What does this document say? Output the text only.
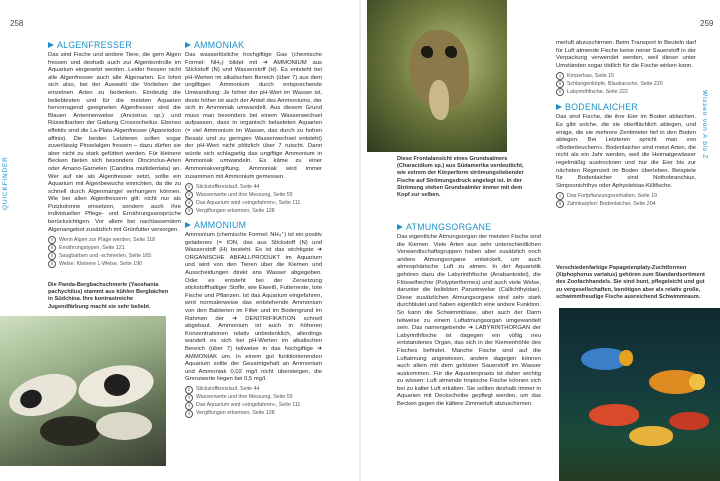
258	259
QUICKFINDER
Wissen von A bis Z
ALGENFRESSER

Das sind Fische und andere Tiere, die gern Algen fressen und deshalb auch zur Algenkontrolle im Aquarium eingesetzt werden. Leider fressen nicht alle Algenfresser auch alle Algenarten. Es lohnt sich also, bei der Auswahl die Vorlieben der einzelnen Arten zu bedenken. Eindeutig die beliebtesten und für die meisten Aquarien hervorragend geeigneten Algenfresser sind die Blauen Antennenwelse (Ancistrus sp.) und Rüsselbarben der Gattung Crossocheilus. Ebenso effektiv sind die La-Plata-Algenfresser (Apareiodon affinis). Die beiden Letzteren sollen sogar zuverlässig Pinselalgen fressen – dazu dürfen sie aber nicht zu stark gefüttert werden. Für kleinere Becken bieten sich besonders Otocinclus-Arten oder Amano-Garnelen (Caridina multidentata) an. Wer auf sie als Algenfresser setzt, sollte ein Aquarium mit Algenbewuchs einrichten, da die zu schnell durch Algenmangel verhungern können. Wie bei allen Algenfressern gilt: nicht nur als Putzkolonne einsetzen, sondern auch ihre individuellen Pflege- und Ernährungsansprüche berücksichtigen. Vor allem bei nachlassendem Algenangebot zusätzlich mit Grünfutter versorgen.

4	Wenn Algen zur Plage werden, Seite 118
5	Ernährungstypen, Seite 121
6	Saugbarben und -schmerlen, Seite 165
6	Welse: Kleinere L-Welse, Seite 190
Die Panda-Bergbachschmerle (Yaoshania pachychilus) stammt aus kühlen Bergbächen in Südchina. Ihre kontrastreiche Jugendfärbung macht sie sehr beliebt.
AMMONIAK

Das wasserlösliche hochgiftige Gas (chemische Formel: NH₃) bildet mit ➜ AMMONIUM aus Stickstoff (N) und Wasserstoff (H). Es entsteht bei pH-Werten im alkalischen Bereich (über 7) aus dem ungiftigen Ammonium durch entsprechende Umwandlung: Je höher der pH-Wert im Wasser ist, desto höher ist auch der Anteil des Ammoniums, der sich in Ammoniak umwandelt. Aus diesem Grund muss man besonders bei einem Wasserwechsel aufpassen, dass in organisch belasteten Aquarien (= viel Ammonium im Wasser, das durch zu hohen Besatz und zu geringen Wasserwechsel entsteht) der pH-Wert nicht plötzlich über 7 rutscht. Dann würde sich schlagartig das ungiftige Ammonium in Ammoniak umwandeln. Es käme zu einer Ammoniakvergiftung. Ammoniak wird immer zusammen mit Ammonium gemessen.

2	Stickstoffkreislauf, Seite 44
3	Wasserwerte und ihre Messung, Seite 55
4	Das Aquarium wird »eingefahren«, Seite 111
4	Vergiftungen erkennen, Seite 128
AMMONIUM

Ammonium (chemische Formel: NH₄⁺) ist ein positiv geladenes (= ION, das aus Stickstoff (N) und Wasserstoff (H) besteht. Es ist das wichtigste ➜ ORGANISCHE ABFALLPRODUKT im Aquarium und wird von den Tieren über die Kiemen und Ausscheidungen direkt ans Wasser abgegeben. Oder es entsteht bei der Zersetzung stickstoffhaltiger Stoffe, wie Eiweiß, Futterreste, tote Fische und Pflanzen. Ist das Aquarium eingefahren, wird normalerweise das entstehende Ammonium von den Bakterien im Filter und im Bodengrund im Rahmen der ➜ DENITRIFIKATION schnell abgebaut. Ammonium ist auch in höheren Konzentrationen relativ unbedenklich, allerdings wandelt es sich bei pH-Werten im alkalischen Bereich (über 7) teilweise in das hochgiftige ➜ AMMONIAK um. In einem gut funktionierenden Aquarium sollte der Gesamtgehalt an Ammonium und Ammoniak 0,02 mg/l nicht übersteigen, die Grenzwerte liegen bei 0,5 mg/l.

2	Stickstoffkreislauf, Seite 44
3	Wasserwerte und ihre Messung, Seite 55
4	Das Aquarium wird »eingefahren«, Seite 111
4	Vergiftungen erkennen, Seite 128
Diese Frontalansicht eines Grundsalmers (Characidium sp.) aus Südamerika verdeutlicht, wie extrem der Körperform strömungsliebender Fische auf Strömungsdruck angelegt ist. In der Strömung stehen Grundsalmler immer mit dem Kopf zur selben.
ATMUNGSORGANE

Das eigentliche Atmungsorgan der meisten Fische sind die Kiemen. Viele Arten aus sehr unterschiedlichen Verwandtschaftsgruppen haben aber zusätzlich noch andere Atmungsorgane entwickelt, um auch atmosphärische Luft zu atmen. In der Aquaristik gehören dazu die Labyrinthfische (Anabantoidei), die Flösselhechte (Polypteriformes) und auch viele Welse, darunter die beliebten Panzerwelse (Callichthyidae). Diese zusätzlichen Atmungsorgane sind sehr stark durchblutet und haben eigentlich eine andere Funktion. So kann die Schwimmblase, aber auch der Darm teilweise zu einem Luftatmungsorgan umgewandelt sein. Das namengebende ➜ LABYRINTHORGAN der Labyrinthfische ist dagegen ein völlig neu entstandenes Organ, das sich in der Kiemenhöhle des Fisches befindet. Manche Fische sind auf die Luftatmung angewiesen, andere dagegen können auch allein mit dem gelösten Sauerstoff im Wasser auskommen. Für die Aquarienpraxis ist daher wichtig zu wissen: Luft atmende tropische Fische können sich bei zu kalter Luft erkälten. Sie sollten deshalb immer in Aquarien mit Deckscheibe gepflegt werden, um das Becken gegen die kältere Zimmerluft abzuschirmen.

merluft abzuschirmen. Beim Transport in Beuteln darf für Luft atmende Fische keine reiner Sauerstoff in der Verpackung verwendet werden, weil dieser unter Umständen sogar tödlich für die Fische wirken kann.

1	Körperbau, Seite 15
6	Schlangenköpfe, Blaubarsche, Seite 220
6	Labyrinthfische, Seite 222
BODENLAICHER

Das sind Fische, die ihre Eier im Boden ablaichen. Es gibt solche, die sie oberflächlich ablegen, und einige, die sie mehrere Zentimeter tief in den Boden ablegen. Bei Letzteren spricht man von »Bodenteuchern«. Bodenlaicher sind meist Arten, die nicht als ein Jahr werden, weil die Heimatgewässer regelmäßig austrocknen und nur die Eier bis zur nächsten Regenzeit im Boden überleben. Beispiele für Bodenlaicher sind Nothobranchius, Simpsonichthys oder Aphyolebias-Killifische.

1	Das Fortpflanzungsverhalten, Seite 19
6	Zahnkarpfen: Bodenlaicher, Seite 204
Verschiedenfarbige Papageienplaty-Zuchtformen (Xiphophorus variatus) gehören zum Standardsortiment des Zoofachhandels. Sie sind bunt, pflegeleicht und gut zu vergesellschaften, benötigen aber als relativ große, schwimmfreudige Fische ausreichend Schwimmraum.
